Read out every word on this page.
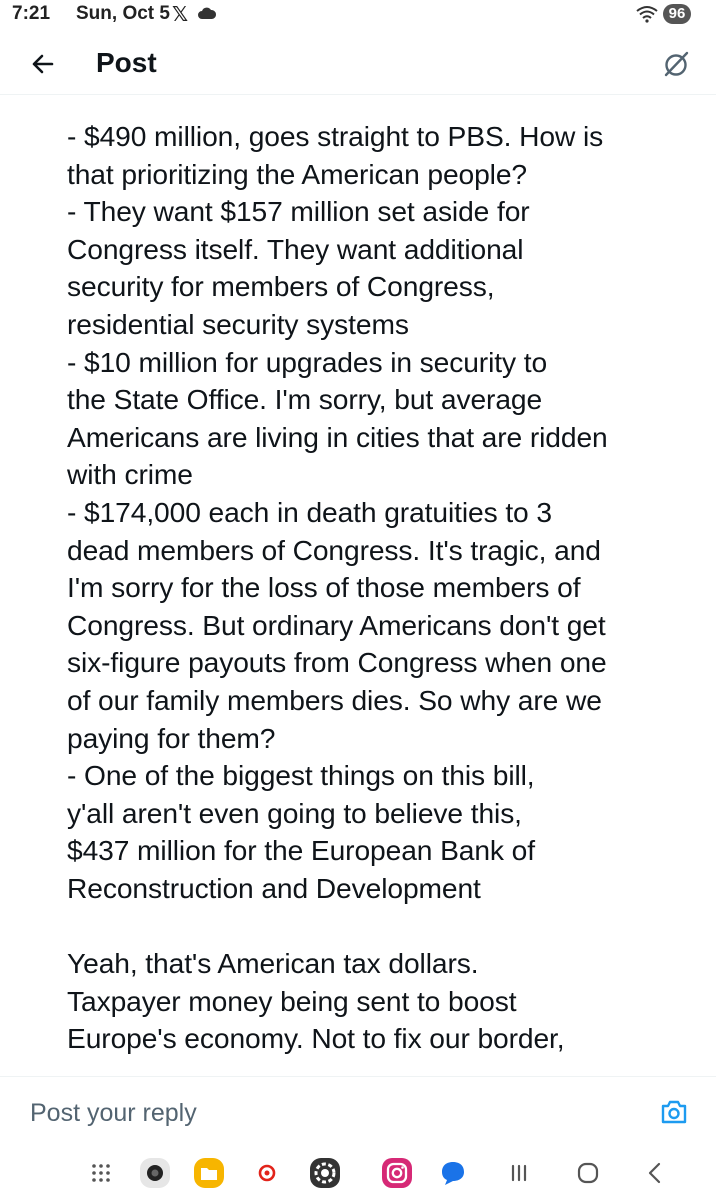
7:21 Sun, Oct 5 𝕏	96
Post
- $490 million, goes straight to PBS. How is
that prioritizing the American people?
- They want $157 million set aside for
Congress itself. They want additional
security for members of Congress,
residential security systems
- $10 million for upgrades in security to
the State Office. I'm sorry, but average
Americans are living in cities that are ridden
with crime
- $174,000 each in death gratuities to 3
dead members of Congress. It's tragic, and
I'm sorry for the loss of those members of
Congress. But ordinary Americans don't get
six-figure payouts from Congress when one
of our family members dies. So why are we
paying for them?
- One of the biggest things on this bill,
y'all aren't even going to believe this,
$437 million for the European Bank of
Reconstruction and Development
Yeah, that's American tax dollars.
Taxpayer money being sent to boost
Europe's economy. Not to fix our border,
Post your reply
